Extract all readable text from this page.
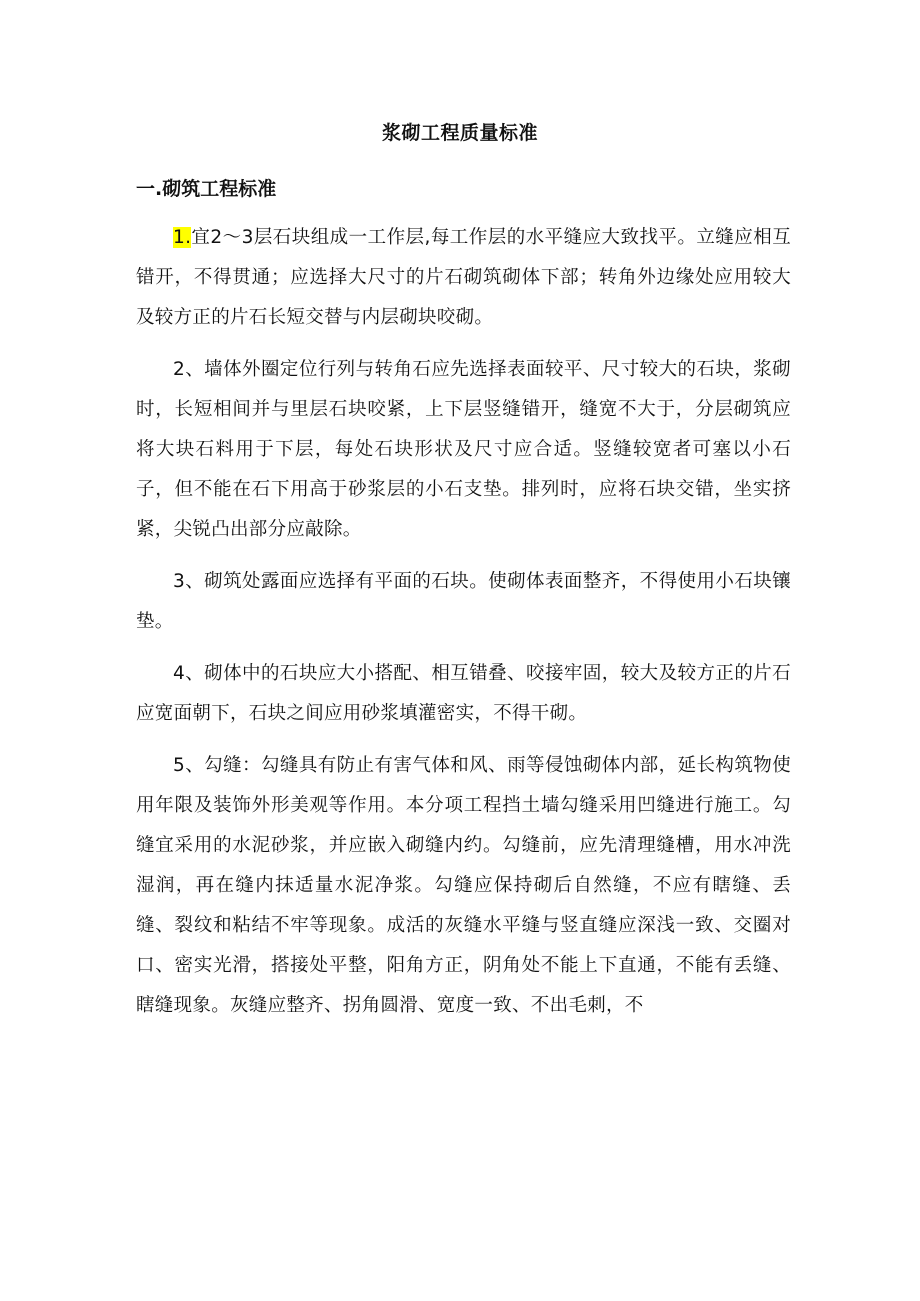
浆砌工程质量标准
一.砌筑工程标准

1.宜2～3层石块组成一工作层,每工作层的水平缝应大致找平。立缝应相互错开，不得贯通；应选择大尺寸的片石砌筑砌体下部；转角外边缘处应用较大及较方正的片石长短交替与内层砌块咬砌。

2、墙体外圈定位行列与转角石应先选择表面较平、尺寸较大的石块，浆砌时，长短相间并与里层石块咬紧，上下层竖缝错开，缝宽不大于，分层砌筑应将大块石料用于下层，每处石块形状及尺寸应合适。竖缝较宽者可塞以小石子，但不能在石下用高于砂浆层的小石支垫。排列时，应将石块交错，坐实挤紧，尖锐凸出部分应敲除。

3、砌筑处露面应选择有平面的石块。使砌体表面整齐，不得使用小石块镶垫。

4、砌体中的石块应大小搭配、相互错叠、咬接牢固，较大及较方正的片石应宽面朝下，石块之间应用砂浆填灌密实，不得干砌。

5、勾缝：勾缝具有防止有害气体和风、雨等侵蚀砌体内部，延长构筑物使用年限及装饰外形美观等作用。本分项工程挡土墙勾缝采用凹缝进行施工。勾缝宜采用的水泥砂浆，并应嵌入砌缝内约。勾缝前，应先清理缝槽，用水冲洗湿润，再在缝内抹适量水泥净浆。勾缝应保持砌后自然缝，不应有瞎缝、丢缝、裂纹和粘结不牢等现象。成活的灰缝水平缝与竖直缝应深浅一致、交圈对口、密实光滑，搭接处平整，阳角方正，阴角处不能上下直通，不能有丢缝、瞎缝现象。灰缝应整齐、拐角圆滑、宽度一致、不出毛刺，不
